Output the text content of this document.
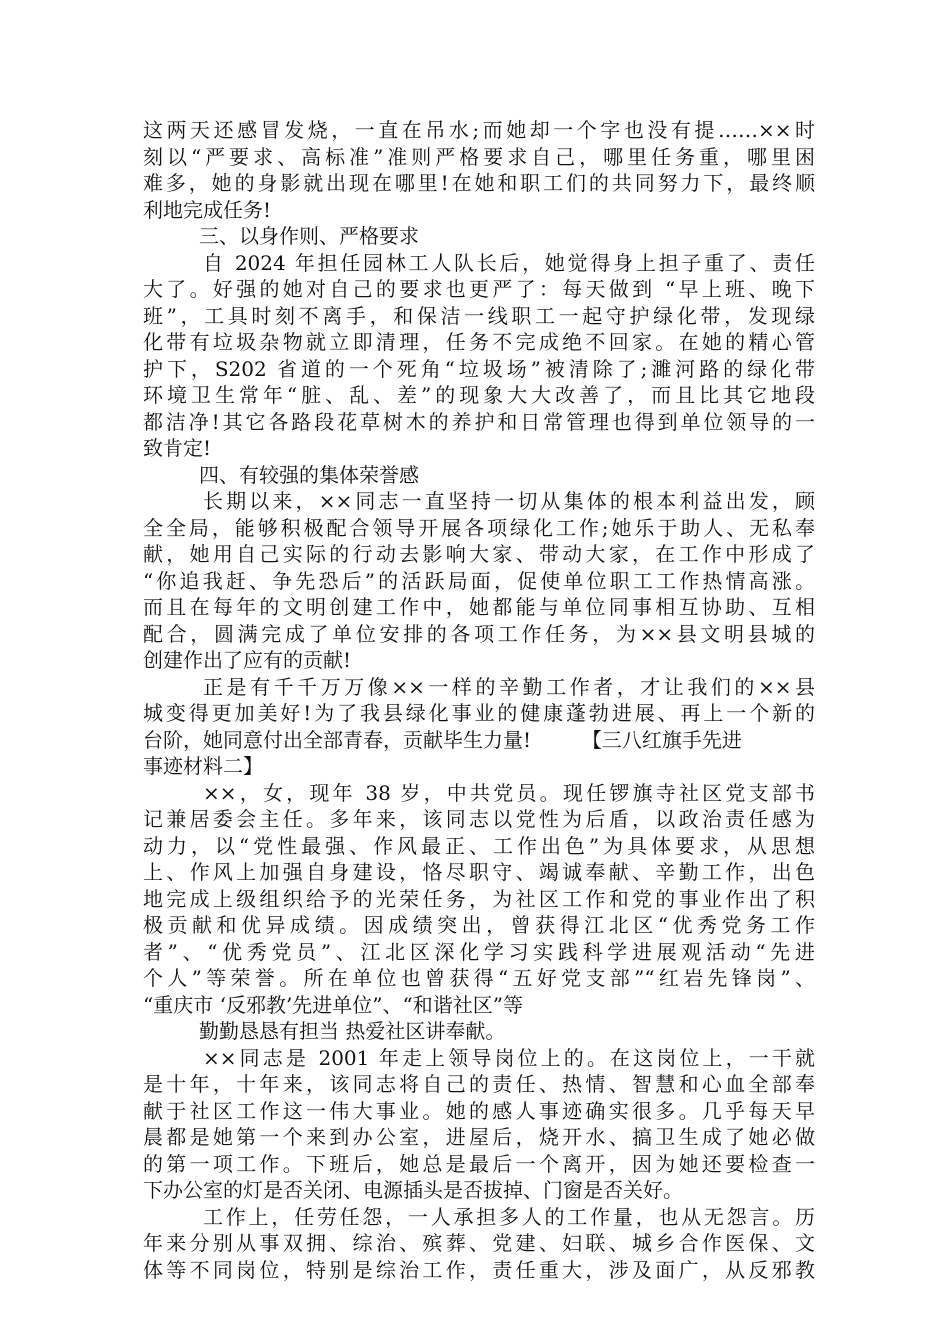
这两天还感冒发烧，一直在吊水;而她却一个字也没有提……××时
刻以“严要求、高标准”准则严格要求自己，哪里任务重，哪里困
难多，她的身影就出现在哪里!在她和职工们的共同努力下，最终顺
利地完成任务!
三、以身作则、严格要求
自 2024 年担任园林工人队长后，她觉得身上担子重了、责任
大了。好强的她对自己的要求也更严了：每天做到 “早上班、晚下
班”，工具时刻不离手，和保洁一线职工一起守护绿化带，发现绿
化带有垃圾杂物就立即清理，任务不完成绝不回家。在她的精心管
护下，S202 省道的一个死角“垃圾场”被清除了;濉河路的绿化带
环境卫生常年“脏、乱、差”的现象大大改善了，而且比其它地段
都洁净!其它各路段花草树木的养护和日常管理也得到单位领导的一
致肯定!
四、有较强的集体荣誉感
长期以来，××同志一直坚持一切从集体的根本利益出发，顾
全全局，能够积极配合领导开展各项绿化工作;她乐于助人、无私奉
献，她用自己实际的行动去影响大家、带动大家，在工作中形成了
“你追我赶、争先恐后”的活跃局面，促使单位职工工作热情高涨。
而且在每年的文明创建工作中，她都能与单位同事相互协助、互相
配合，圆满完成了单位安排的各项工作任务，为××县文明县城的
创建作出了应有的贡献!
正是有千千万万像××一样的辛勤工作者，才让我们的××县
城变得更加美好!为了我县绿化事业的健康蓬勃进展、再上一个新的
台阶，她同意付出全部青春，贡献毕生力量!        【三八红旗手先进
事迹材料二】
××，女，现年 38 岁，中共党员。现任锣旗寺社区党支部书
记兼居委会主任。多年来，该同志以党性为后盾，以政治责任感为
动力，以“党性最强、作风最正、工作出色”为具体要求，从思想
上、作风上加强自身建设，恪尽职守、竭诚奉献、辛勤工作，出色
地完成上级组织给予的光荣任务，为社区工作和党的事业作出了积
极贡献和优异成绩。因成绩突出，曾获得江北区“优秀党务工作
者”、“优秀党员”、江北区深化学习实践科学进展观活动“先进
个人”等荣誉。所在单位也曾获得“五好党支部”“红岩先锋岗”、
“重庆市 ‘反邪教’先进单位”、“和谐社区”等
勤勤恳恳有担当 热爱社区讲奉献。
××同志是 2001 年走上领导岗位上的。在这岗位上，一干就
是十年，十年来，该同志将自己的责任、热情、智慧和心血全部奉
献于社区工作这一伟大事业。她的感人事迹确实很多。几乎每天早
晨都是她第一个来到办公室，进屋后，烧开水、搞卫生成了她必做
的第一项工作。下班后，她总是最后一个离开，因为她还要检查一
下办公室的灯是否关闭、电源插头是否拔掉、门窗是否关好。
工作上，任劳任怨，一人承担多人的工作量，也从无怨言。历
年来分别从事双拥、综治、殡葬、党建、妇联、城乡合作医保、文
体等不同岗位，特别是综治工作，责任重大，涉及面广，从反邪教
